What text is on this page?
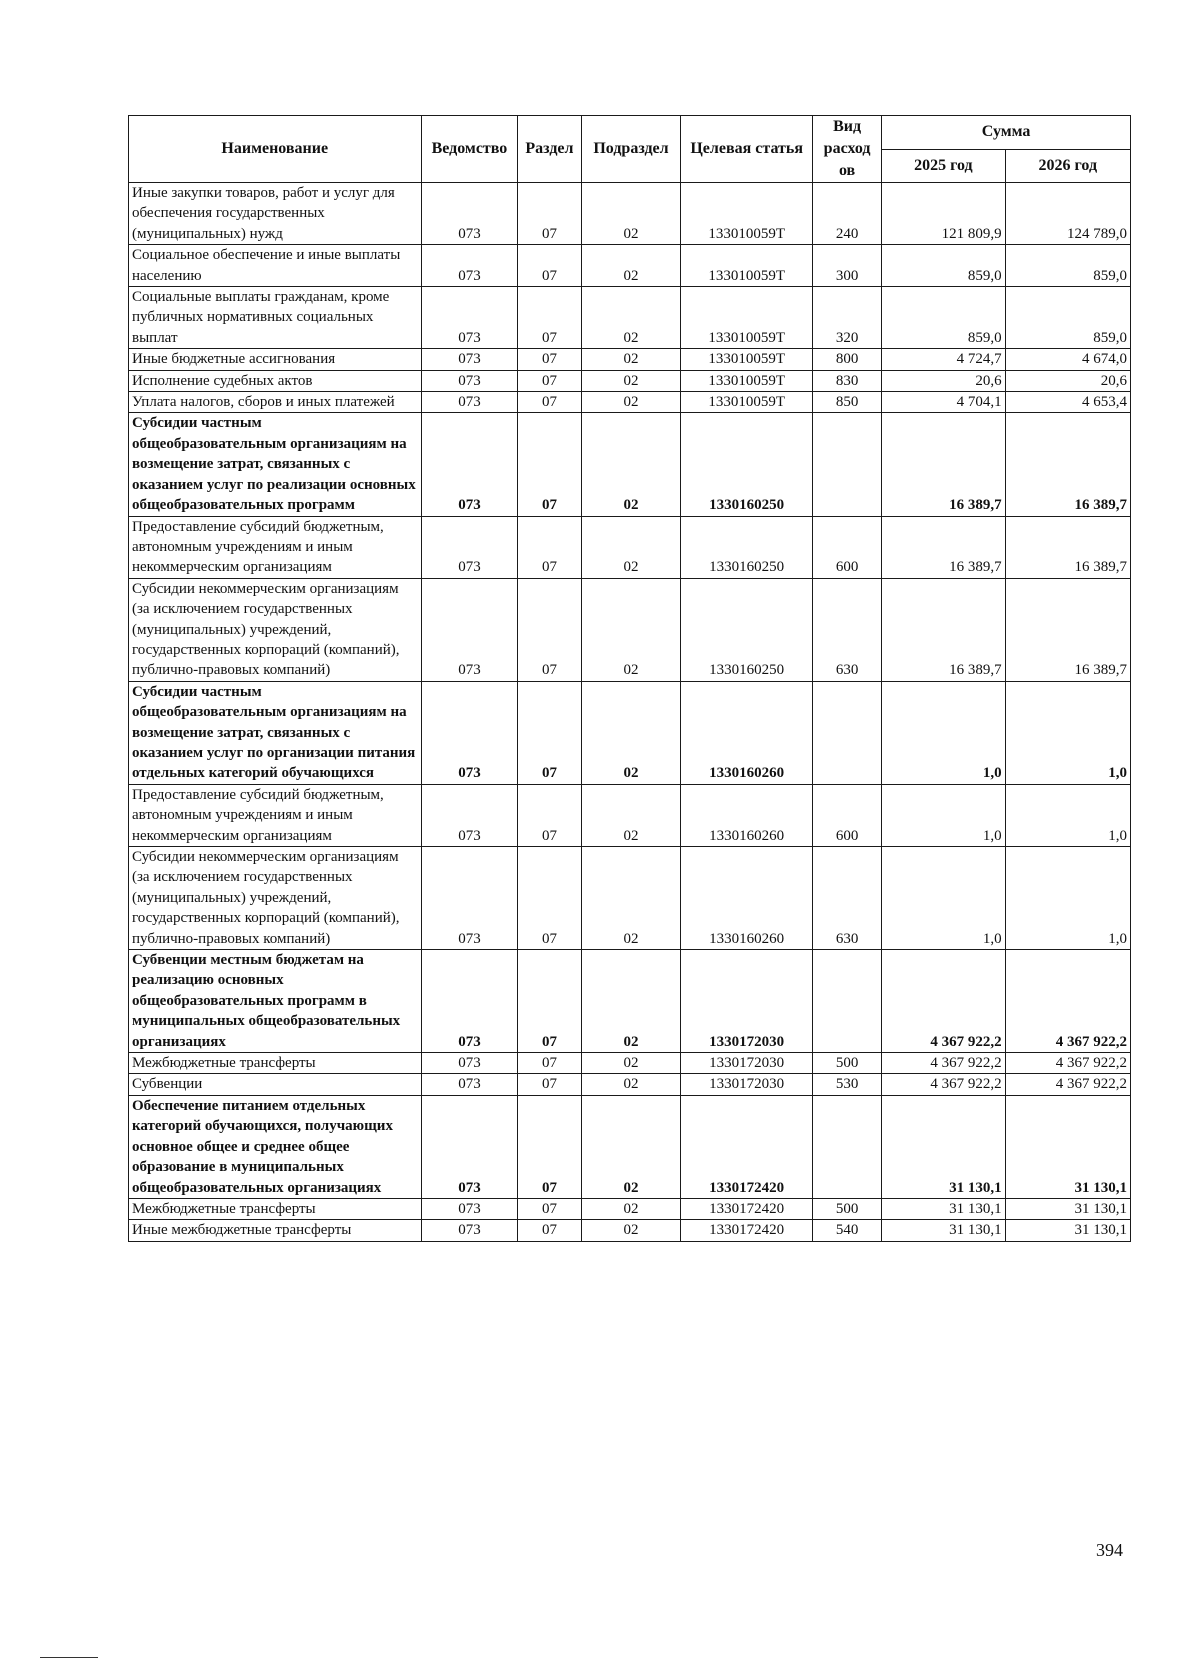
Наименование	Ведомство	Раздел	Подраздел	Целевая статья	Вид расход ов	Сумма	
						2025 год	2026 год
Иные закупки товаров, работ и услуг для обеспечения государственных (муниципальных) нужд	073	07	02	133010059Т	240	121 809,9	124 789,0
Социальное обеспечение и иные выплаты населению	073	07	02	133010059Т	300	859,0	859,0
Социальные выплаты гражданам, кроме публичных нормативных социальных выплат	073	07	02	133010059Т	320	859,0	859,0
Иные бюджетные ассигнования	073	07	02	133010059Т	800	4 724,7	4 674,0
Исполнение судебных актов	073	07	02	133010059Т	830	20,6	20,6
Уплата налогов, сборов и иных платежей	073	07	02	133010059Т	850	4 704,1	4 653,4
Субсидии частным общеобразовательным организациям на возмещение затрат, связанных с оказанием услуг по реализации основных общеобразовательных программ	073	07	02	1330160250		16 389,7	16 389,7
Предоставление субсидий бюджетным, автономным учреждениям и иным некоммерческим организациям	073	07	02	1330160250	600	16 389,7	16 389,7
Субсидии некоммерческим организациям (за исключением государственных (муниципальных) учреждений, государственных корпораций (компаний), публично-правовых компаний)	073	07	02	1330160250	630	16 389,7	16 389,7
Субсидии частным общеобразовательным организациям на возмещение затрат, связанных с оказанием услуг по организации питания отдельных категорий обучающихся	073	07	02	1330160260		1,0	1,0
Предоставление субсидий бюджетным, автономным учреждениям и иным некоммерческим организациям	073	07	02	1330160260	600	1,0	1,0
Субсидии некоммерческим организациям (за исключением государственных (муниципальных) учреждений, государственных корпораций (компаний), публично-правовых компаний)	073	07	02	1330160260	630	1,0	1,0
Субвенции местным бюджетам на реализацию основных общеобразовательных программ в муниципальных общеобразовательных организациях	073	07	02	1330172030		4 367 922,2	4 367 922,2
Межбюджетные трансферты	073	07	02	1330172030	500	4 367 922,2	4 367 922,2
Субвенции	073	07	02	1330172030	530	4 367 922,2	4 367 922,2
Обеспечение питанием отдельных категорий обучающихся, получающих основное общее и среднее общее образование в муниципальных общеобразовательных организациях	073	07	02	1330172420		31 130,1	31 130,1
Межбюджетные трансферты	073	07	02	1330172420	500	31 130,1	31 130,1
Иные межбюджетные трансферты	073	07	02	1330172420	540	31 130,1	31 130,1
394
